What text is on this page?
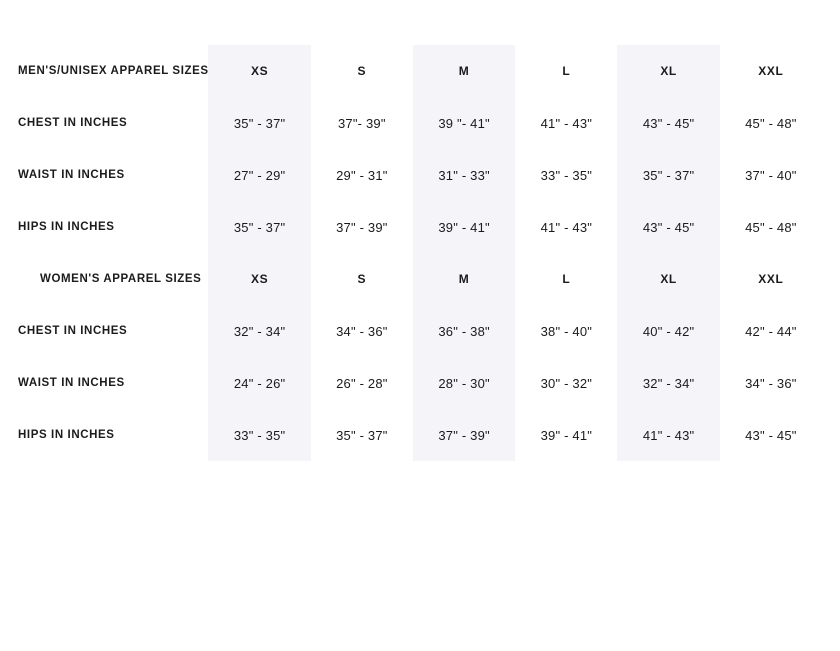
MEN'S/UNISEX APPAREL SIZES	XS	S	M	L	XL	XXL
CHEST IN INCHES	35" - 37"	37"- 39"	39 "- 41"	41" - 43"	43" - 45"	45" - 48"
WAIST IN INCHES	27" - 29"	29" - 31"	31" - 33"	33" - 35"	35" - 37"	37" - 40"
HIPS IN INCHES	35" - 37"	37" - 39"	39" - 41"	41" - 43"	43" - 45"	45" - 48"
WOMEN'S APPAREL SIZES	XS	S	M	L	XL	XXL
CHEST IN INCHES	32" - 34"	34" - 36"	36" - 38"	38" - 40"	40" - 42"	42" - 44"
WAIST IN INCHES	24" - 26"	26" - 28"	28" - 30"	30" - 32"	32" - 34"	34" - 36"
HIPS IN INCHES	33" - 35"	35" - 37"	37" - 39"	39" - 41"	41" - 43"	43" - 45"
